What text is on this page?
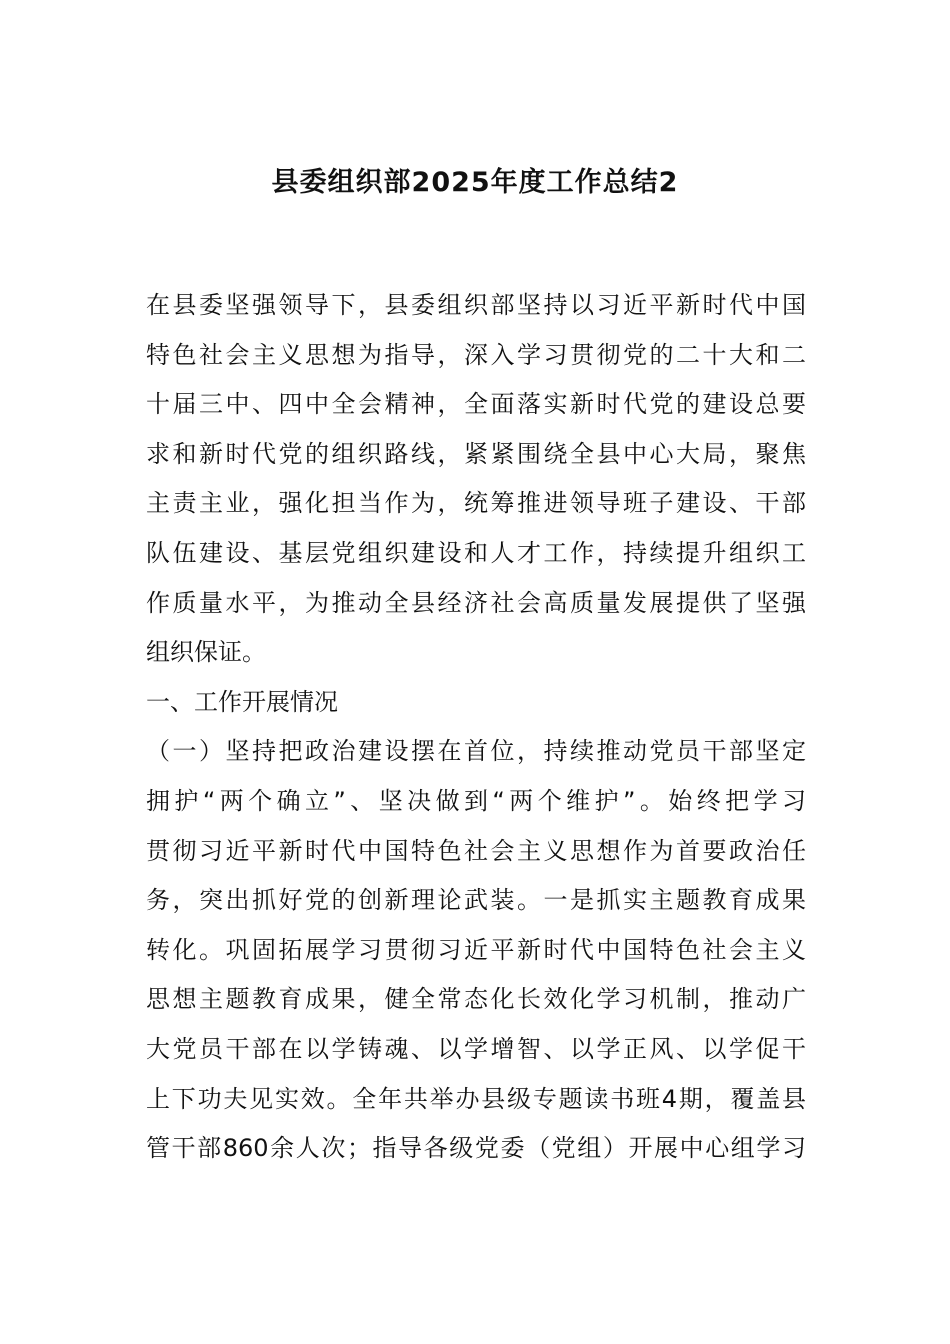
县委组织部2025年度工作总结2
在县委坚强领导下，县委组织部坚持以习近平新时代中国
特色社会主义思想为指导，深入学习贯彻党的二十大和二
十届三中、四中全会精神，全面落实新时代党的建设总要
求和新时代党的组织路线，紧紧围绕全县中心大局，聚焦
主责主业，强化担当作为，统筹推进领导班子建设、干部
队伍建设、基层党组织建设和人才工作，持续提升组织工
作质量水平，为推动全县经济社会高质量发展提供了坚强
组织保证。
一、工作开展情况
（一）坚持把政治建设摆在首位，持续推动党员干部坚定
拥护“两个确立”、坚决做到“两个维护”。始终把学习
贯彻习近平新时代中国特色社会主义思想作为首要政治任
务，突出抓好党的创新理论武装。一是抓实主题教育成果
转化。巩固拓展学习贯彻习近平新时代中国特色社会主义
思想主题教育成果，健全常态化长效化学习机制，推动广
大党员干部在以学铸魂、以学增智、以学正风、以学促干
上下功夫见实效。全年共举办县级专题读书班4期，覆盖县
管干部860余人次；指导各级党委（党组）开展中心组学习
